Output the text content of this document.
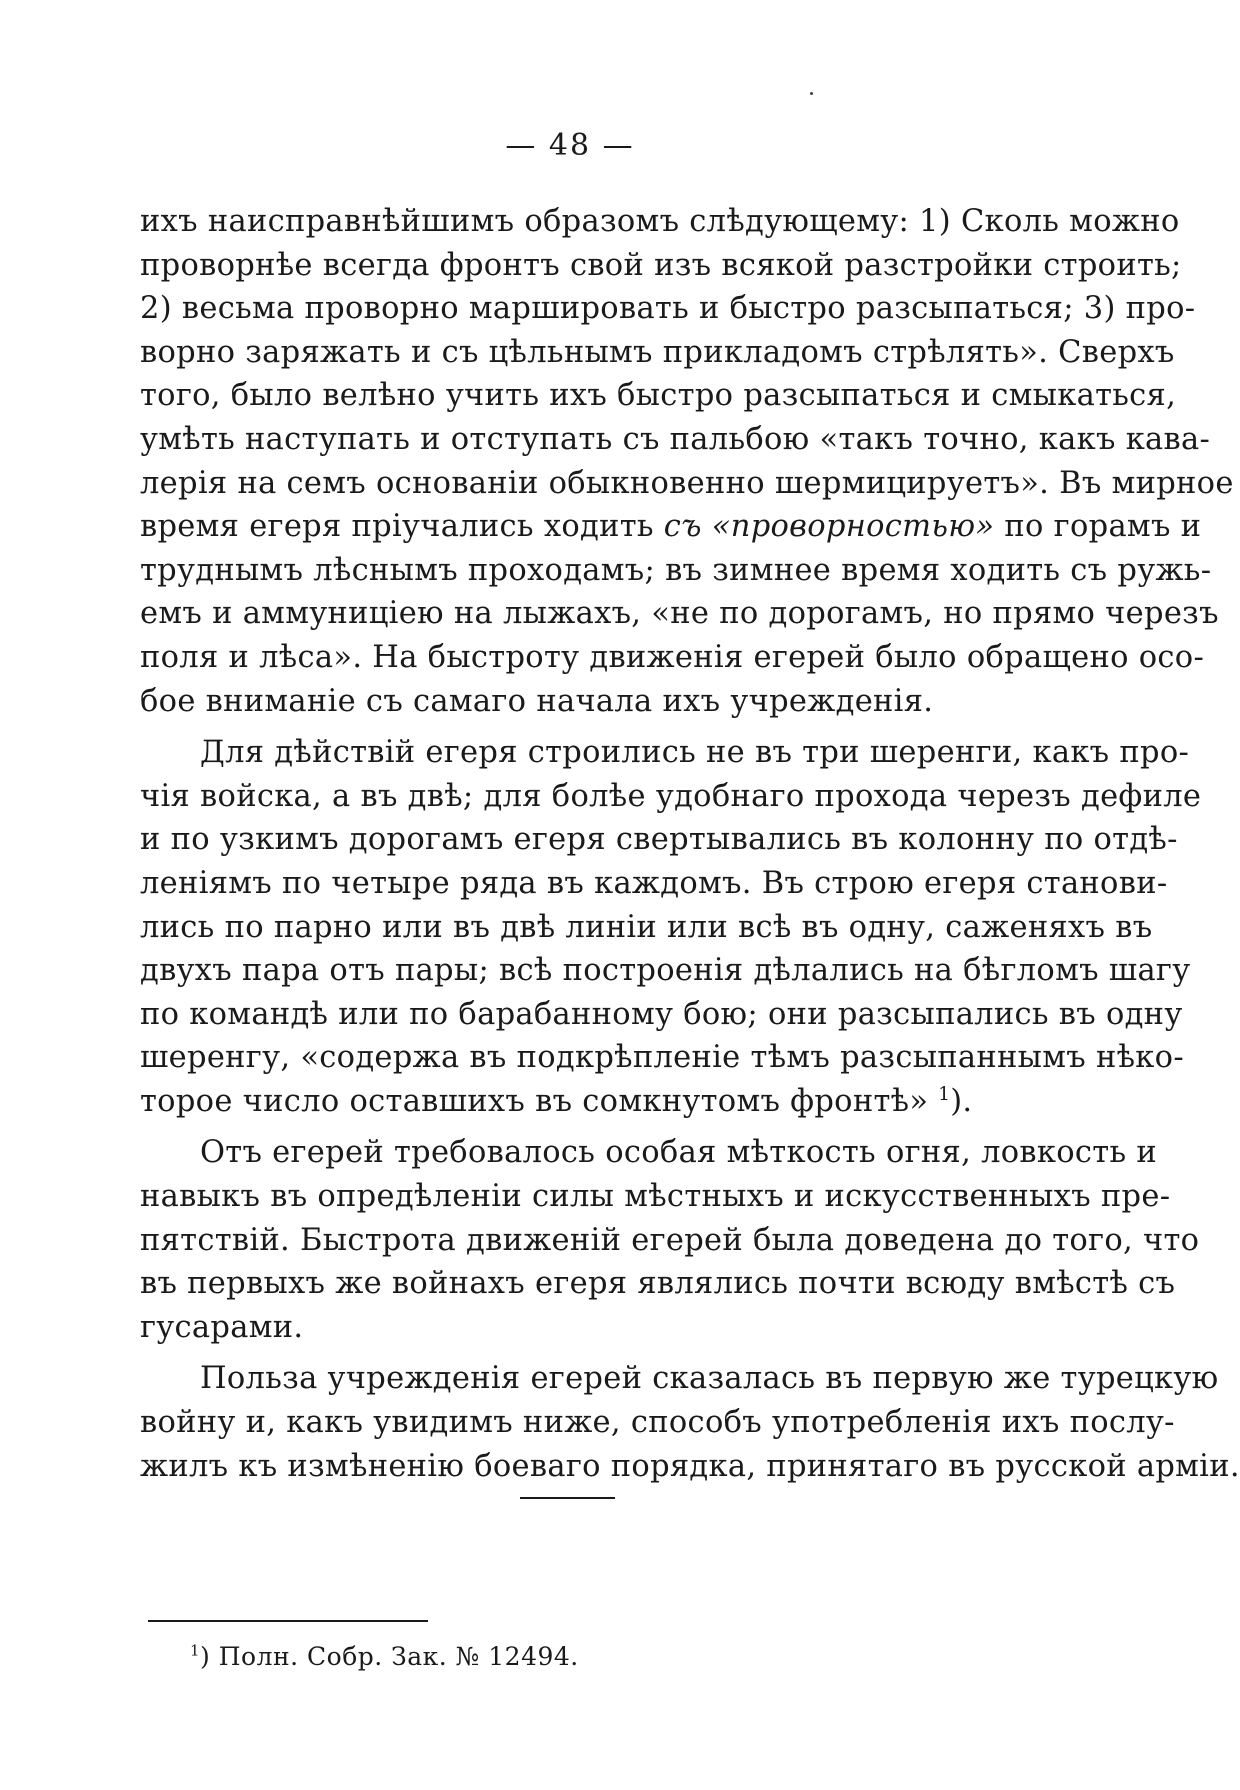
— 48 —
ихъ наисправнѣйшимъ образомъ слѣдующему: 1) Сколь можно
проворнѣе всегда фронтъ свой изъ всякой разстройки строить;
2) весьма проворно маршировать и быстро разсыпаться; 3) про-
ворно заряжать и съ цѣльнымъ прикладомъ стрѣлять». Сверхъ
того, было велѣно учить ихъ быстро разсыпаться и смыкаться,
умѣть наступать и отступать съ пальбою «такъ точно, какъ кава-
лерія на семъ основаніи обыкновенно шермицируетъ». Въ мирное
время егеря пріучались ходить съ «проворностью» по горамъ и
труднымъ лѣснымъ проходамъ; въ зимнее время ходить съ ружь-
емъ и аммуниціею на лыжахъ, «не по дорогамъ, но прямо черезъ
поля и лѣса». На быстроту движенія егерей было обращено осо-
бое вниманіе съ самаго начала ихъ учрежденія.
Для дѣйствій егеря строились не въ три шеренги, какъ про-
чія войска, а въ двѣ; для болѣе удобнаго прохода черезъ дефиле
и по узкимъ дорогамъ егеря свертывались въ колонну по отдѣ-
леніямъ по четыре ряда въ каждомъ. Въ строю егеря станови-
лись по парно или въ двѣ линіи или всѣ въ одну, саженяхъ въ
двухъ пара отъ пары; всѣ построенія дѣлались на бѣгломъ шагу
по командѣ или по барабанному бою; они разсыпались въ одну
шеренгу, «содержа въ подкрѣпленіе тѣмъ разсыпаннымъ нѣко-
торое число оставшихъ въ сомкнутомъ фронтѣ» $^1$).
Отъ егерей требовалось особая мѣткость огня, ловкость и
навыкъ въ опредѣленіи силы мѣстныхъ и искусственныхъ пре-
пятствій. Быстрота движеній егерей была доведена до того, что
въ первыхъ же войнахъ егеря являлись почти всюду вмѣстѣ съ
гусарами.
Польза учрежденія егерей сказалась въ первую же турецкую
войну и, какъ увидимъ ниже, способъ употребленія ихъ послу-
жилъ къ измѣненію боеваго порядка, принятаго въ русской арміи.
$^1$) Полн. Собр. Зак. № 12494.
